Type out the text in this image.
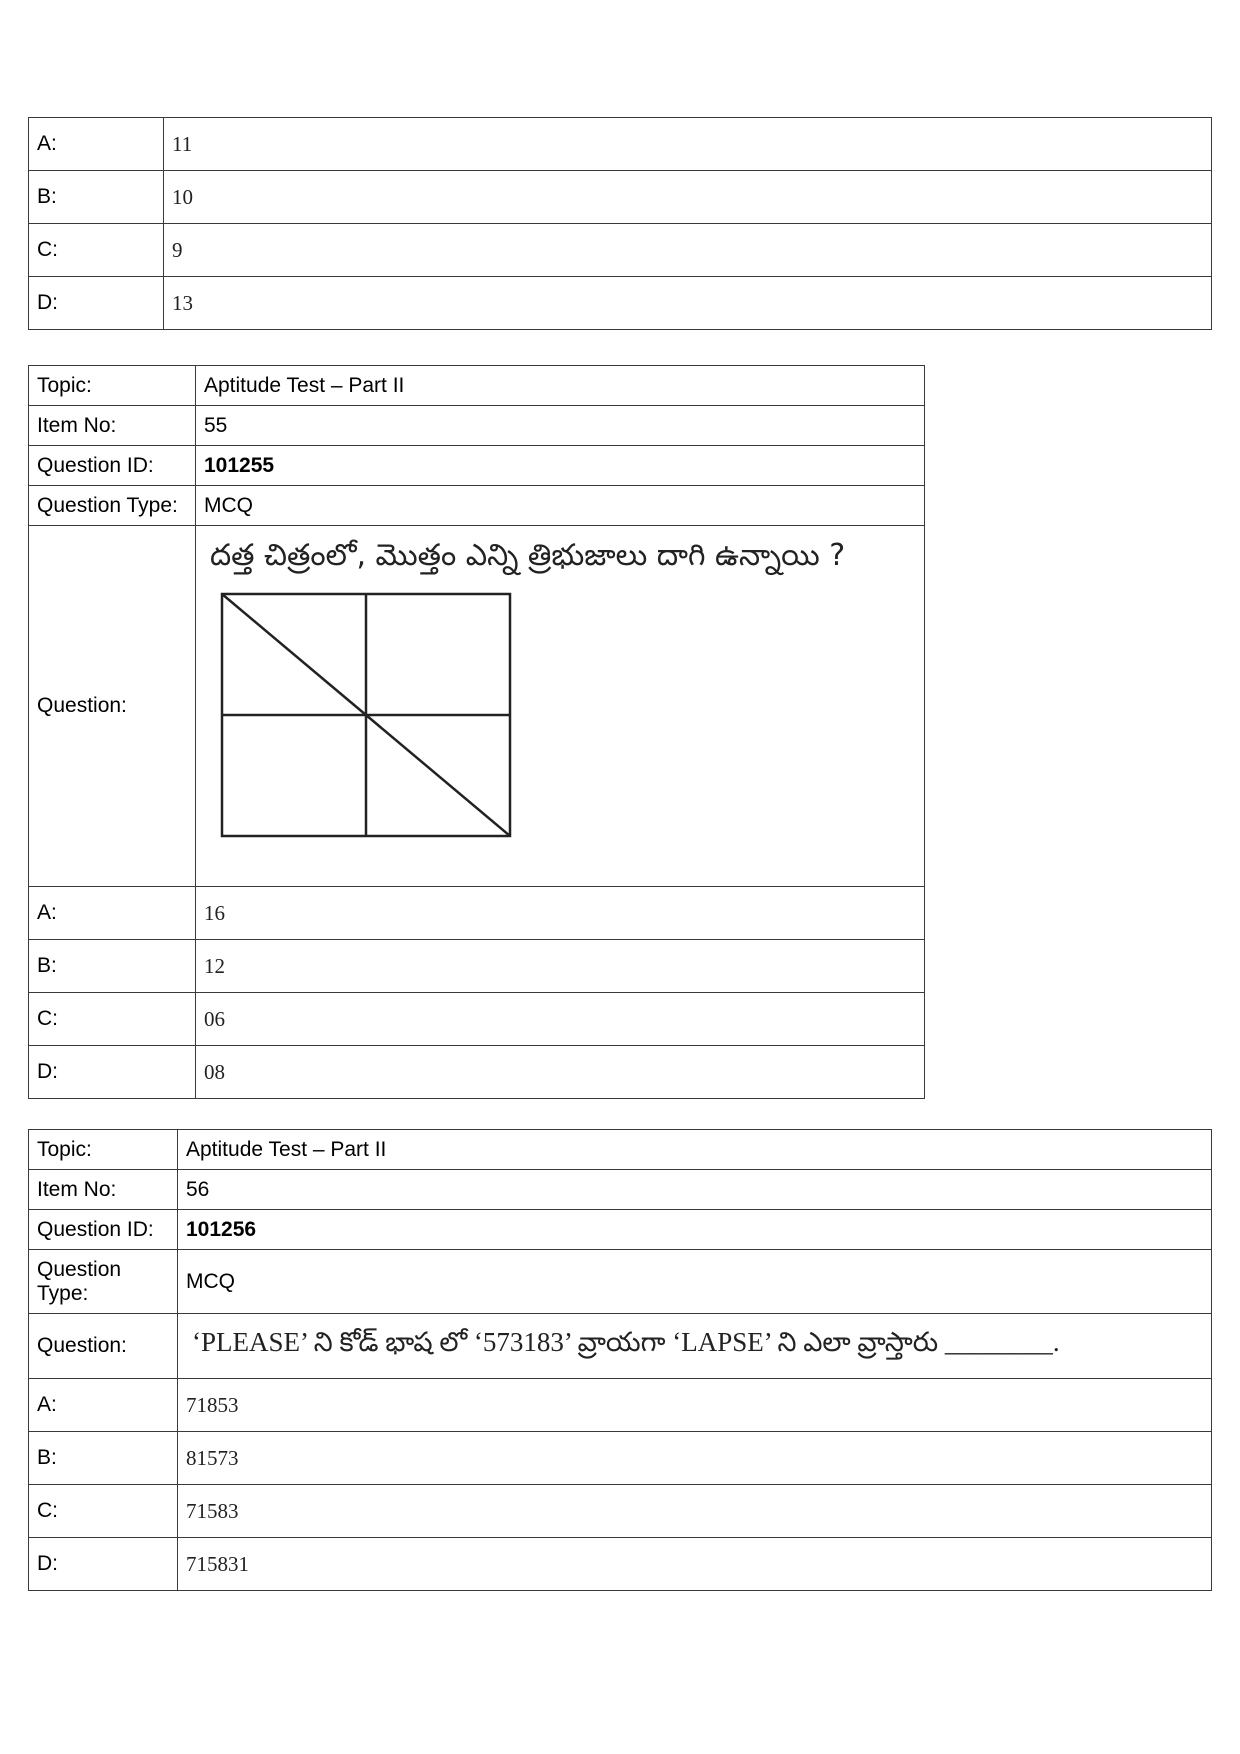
A:	11
B:	10
C:	9
D:	13
Topic:	Aptitude Test – Part II
Item No:	55
Question ID:	101255
Question Type:	MCQ
Question:	దత్త చిత్రంలో, మొత్తం ఎన్ని త్రిభుజాలు దాగి ఉన్నాయి ?

A:	16
B:	12
C:	06
D:	08
Topic:	Aptitude Test – Part II
Item No:	56
Question ID:	101256
Question Type:	MCQ
Question:	‘PLEASE’ ని కోడ్ భాష లో ‘573183’ వ్రాయగా ‘LAPSE’ ని ఎలా వ్రాస్తారు ________.

A:	71853
B:	81573
C:	71583
D:	715831
